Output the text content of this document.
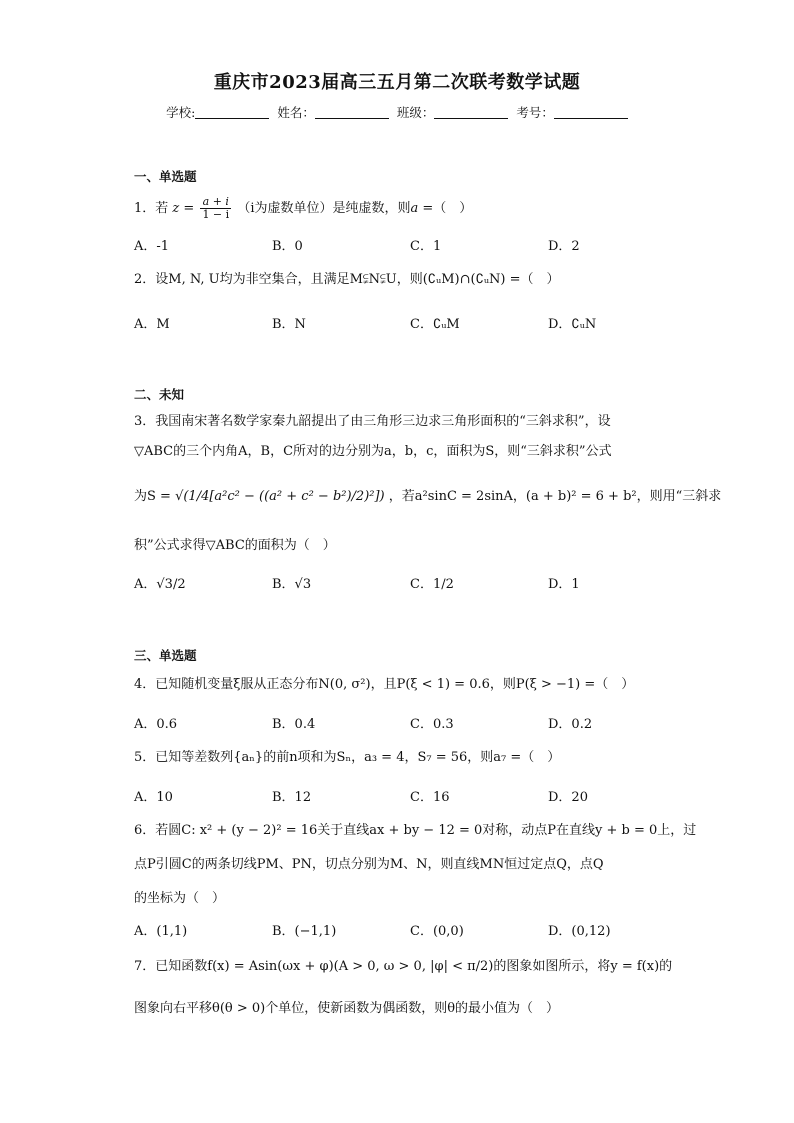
重庆市2023届高三五月第二次联考数学试题
学校:	姓名：	班级：	考号：
一、单选题
1．若 $z = \frac{a + i}{1 - i} (i$为虚数单位）是纯虚数，则a =（　）
A．-1	B．0	C．1	D．2
2．设M, N, U均为非空集合，且满足M⫋N⫋U，则(∁ᵤM)∩(∁ᵤN) =（　）
A．M	B．N	C．∁ᵤM	D．∁ᵤN
二、未知
3．我国南宋著名数学家秦九韶提出了由三角形三边求三角形面积的“三斜求积”，设
▽ABC的三个内角A，B，C所对的边分别为a，b，c，面积为S，则“三斜求积”公式
为S = √(1/4[a²c² − ((a² + c² − b²)/2)²]) ，若a²sinC = 2sinA，(a + b)² = 6 + b²，则用“三斜求
积”公式求得▽ABC的面积为（　）
A．√3/2	B．√3	C．1/2	D．1
三、单选题
4．已知随机变量ξ服从正态分布N(0, σ²)，且P(ξ < 1) = 0.6，则P(ξ > −1) =（　）
A．0.6	B．0.4	C．0.3	D．0.2
5．已知等差数列{aₙ}的前n项和为Sₙ，a₃ = 4，S₇ = 56，则a₇ =（　）
A．10	B．12	C．16	D．20
6．若圆C: x² + (y − 2)² = 16关于直线ax + by − 12 = 0对称，动点P在直线y + b = 0上，过
点P引圆C的两条切线PM、PN，切点分别为M、N，则直线MN恒过定点Q，点Q
的坐标为（　）
A．(1,1)	B．(−1,1)	C．(0,0)	D．(0,12)
7．已知函数f(x) = Asin(ωx + φ)(A > 0, ω > 0, |φ| < π/2)的图象如图所示，将y = f(x)的
图象向右平移θ(θ > 0)个单位，使新函数为偶函数，则θ的最小值为（　）
